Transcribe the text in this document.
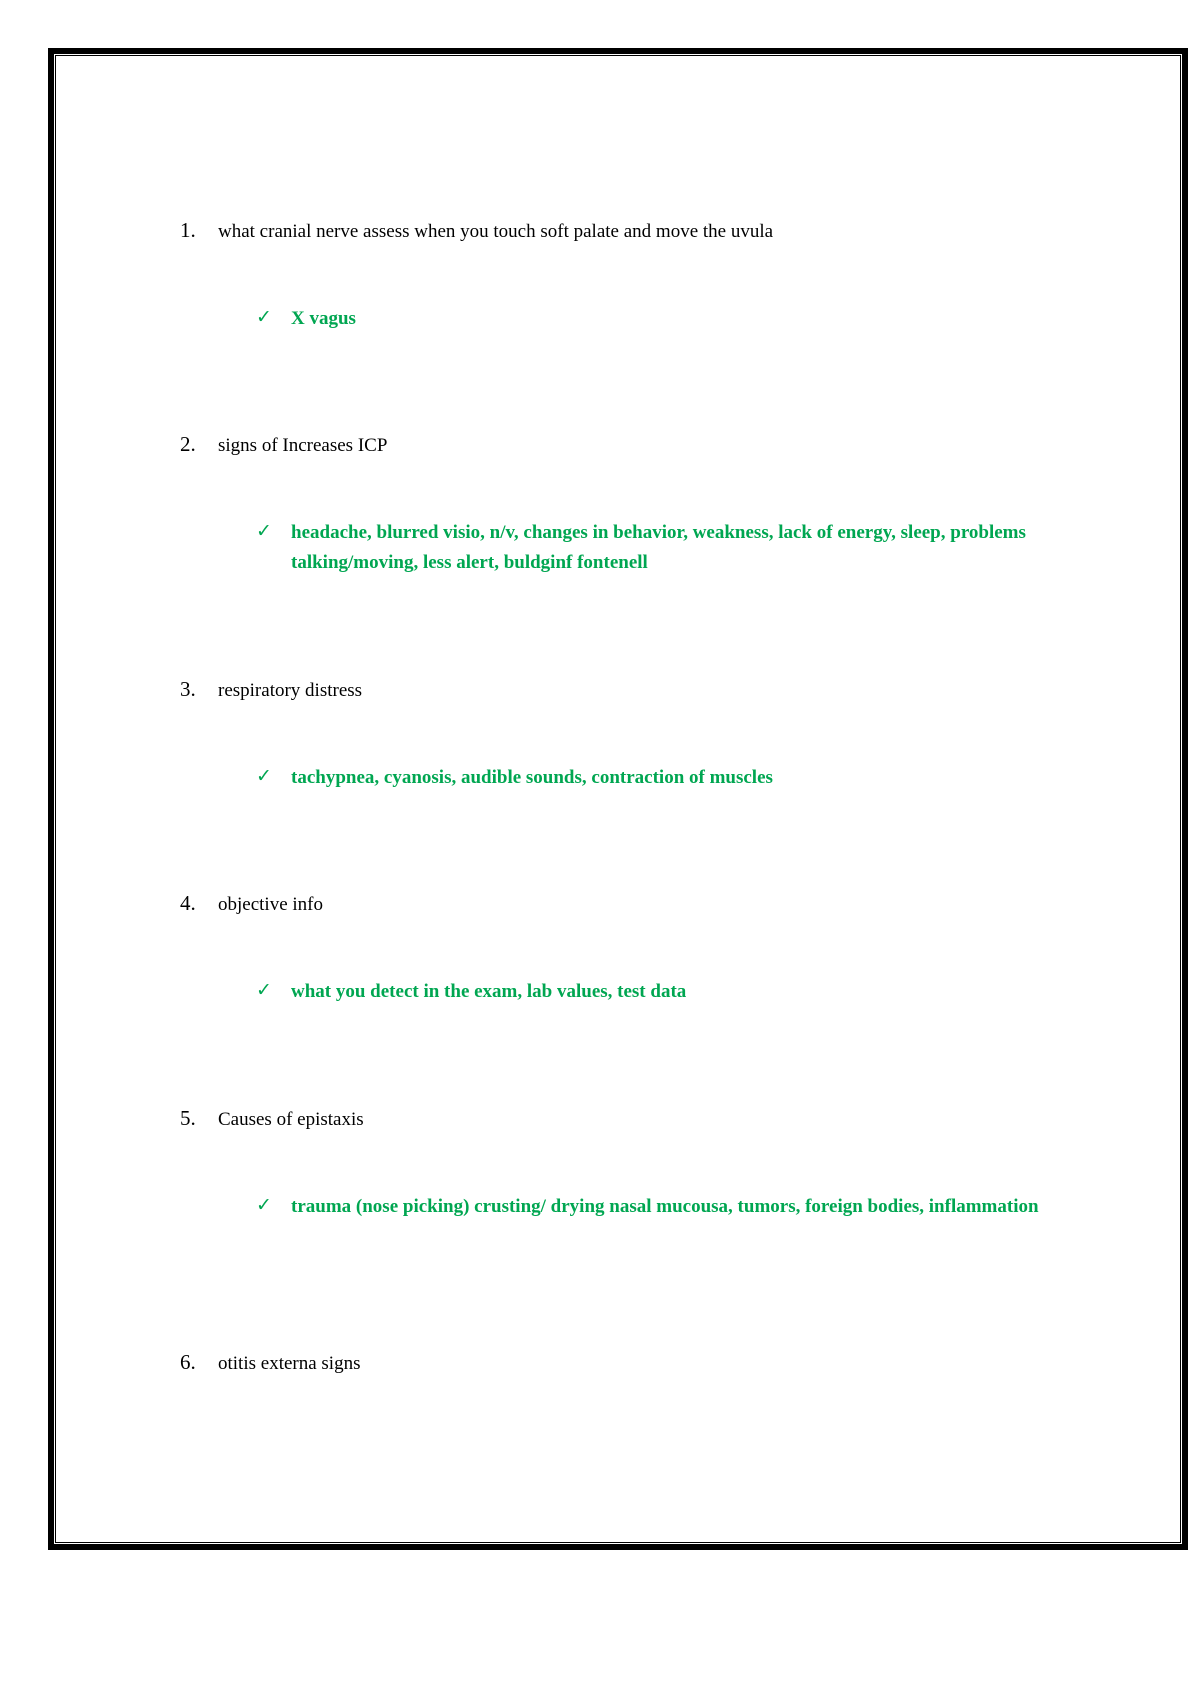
1. what cranial nerve assess when you touch soft palate and move the uvula
✓ X vagus
2. signs of Increases ICP
✓ headache, blurred visio, n/v, changes in behavior, weakness, lack of energy, sleep, problems talking/moving, less alert, buldginf fontenell
3. respiratory distress
✓ tachypnea, cyanosis, audible sounds, contraction of muscles
4. objective info
✓ what you detect in the exam, lab values, test data
5. Causes of epistaxis
✓ trauma (nose picking) crusting/ drying nasal mucousa, tumors, foreign bodies, inflammation
6. otitis externa signs
